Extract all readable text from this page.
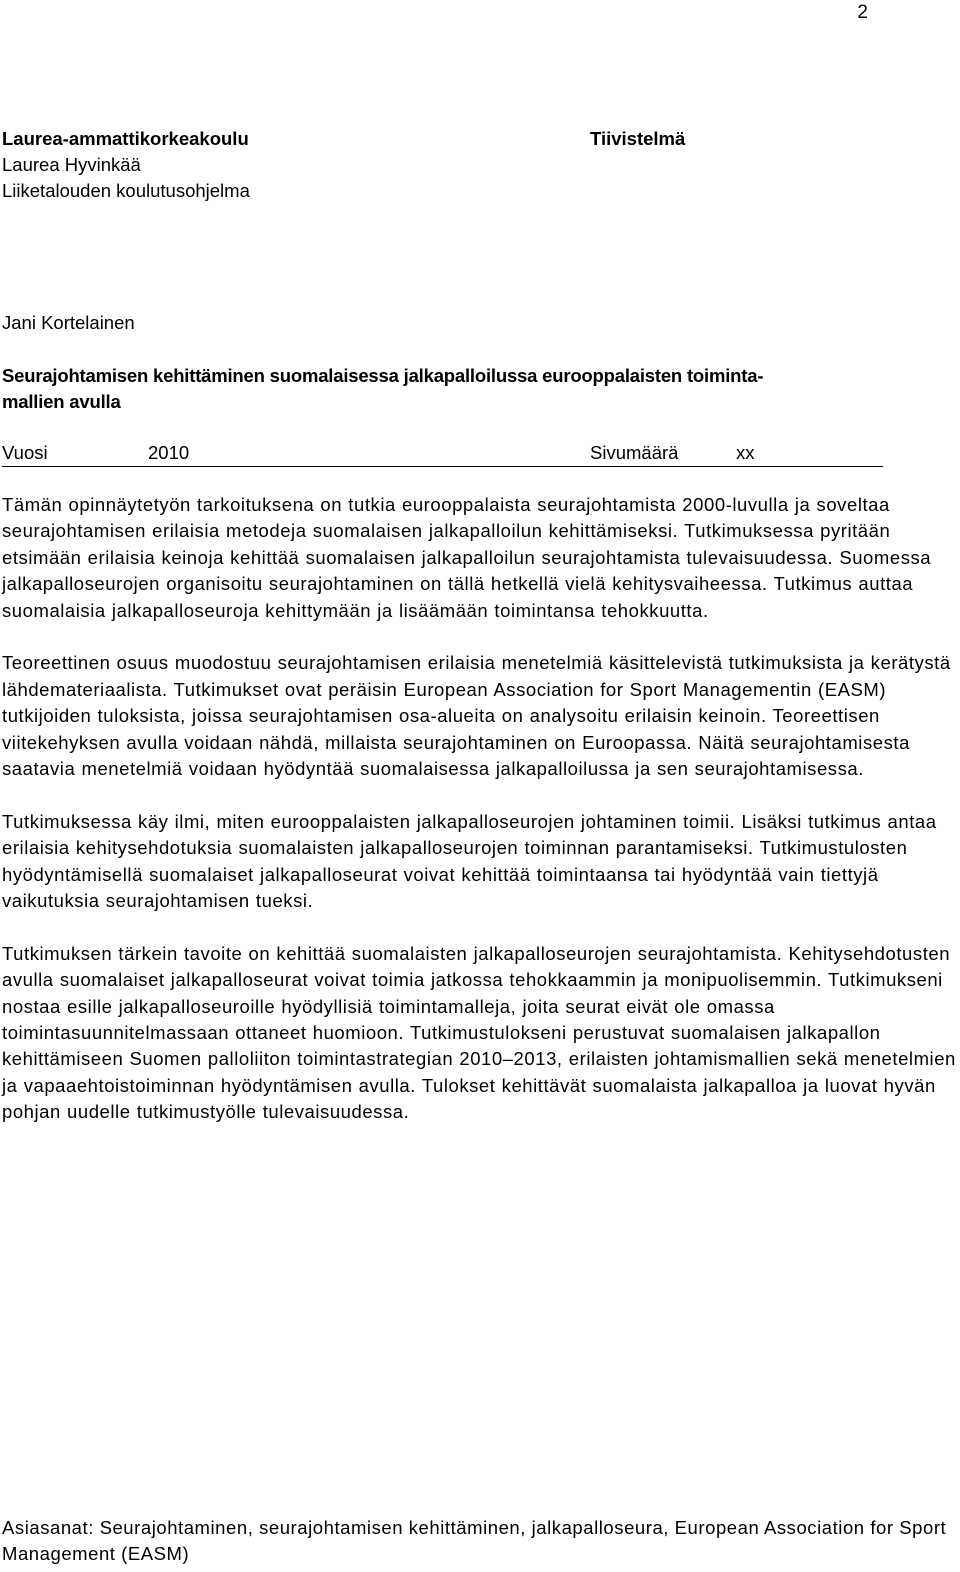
2
Laurea-ammattikorkeakoulu
Laurea Hyvinkää
Liiketalouden koulutusohjelma
Tiivistelmä
Jani Kortelainen
Seurajohtamisen kehittäminen suomalaisessa jalkapalloilussa eurooppalaisten toiminta-
mallien avulla
Vuosi	2010	Sivumäärä	xx

Tämän opinnäytetyön tarkoituksena on tutkia eurooppalaista seurajohtamista 2000-luvulla ja soveltaa seurajohtamisen erilaisia metodeja suomalaisen jalkapalloilun kehittämiseksi. Tutkimuksessa pyritään etsimään erilaisia keinoja kehittää suomalaisen jalkapalloilun seurajohtamista tulevaisuudessa. Suomessa jalkapalloseurojen organisoitu seurajohtaminen on tällä hetkellä vielä kehitysvaiheessa. Tutkimus auttaa suomalaisia jalkapalloseuroja kehittymään ja lisäämään toimintansa tehokkuutta.

Teoreettinen osuus muodostuu seurajohtamisen erilaisia menetelmiä käsittelevistä tutkimuksista ja kerätystä lähdemateriaalista. Tutkimukset ovat peräisin European Association for Sport Managementin (EASM) tutkijoiden tuloksista, joissa seurajohtamisen osa-alueita on analysoitu erilaisin keinoin. Teoreettisen viitekehyksen avulla voidaan nähdä, millaista seurajohtaminen on Euroopassa. Näitä seurajohtamisesta saatavia menetelmiä voidaan hyödyntää suomalaisessa jalkapalloilussa ja sen seurajohtamisessa.

Tutkimuksessa käy ilmi, miten eurooppalaisten jalkapalloseurojen johtaminen toimii. Lisäksi tutkimus antaa erilaisia kehitysehdotuksia suomalaisten jalkapalloseurojen toiminnan parantamiseksi. Tutkimustulosten hyödyntämisellä suomalaiset jalkapalloseurat voivat kehittää toimintaansa tai hyödyntää vain tiettyjä vaikutuksia seurajohtamisen tueksi.

Tutkimuksen tärkein tavoite on kehittää suomalaisten jalkapalloseurojen seurajohtamista. Kehitysehdotusten avulla suomalaiset jalkapalloseurat voivat toimia jatkossa tehokkaammin ja monipuolisemmin. Tutkimukseni nostaa esille jalkapalloseuroille hyödyllisiä toimintamalleja, joita seurat eivät ole omassa toimintasuunnitelmassaan ottaneet huomioon. Tutkimustulokseni perustuvat suomalaisen jalkapallon kehittämiseen Suomen palloliiton toimintastrategian 2010–2013, erilaisten johtamismallien sekä menetelmien ja vapaaehtoistoiminnan hyödyntämisen avulla. Tulokset kehittävät suomalaista jalkapalloa ja luovat hyvän pohjan uudelle tutkimustyölle tulevaisuudessa.

Asiasanat: Seurajohtaminen, seurajohtamisen kehittäminen, jalkapalloseura, European Association for Sport Management (EASM)
